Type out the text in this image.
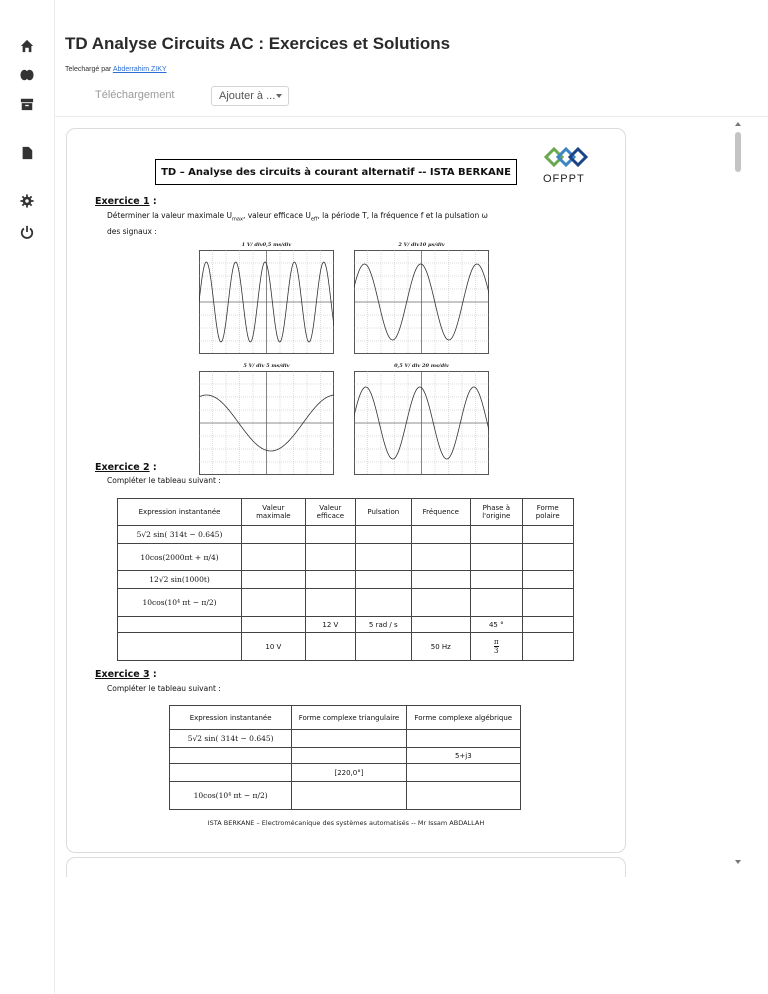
TD Analyse Circuits AC : Exercices et Solutions
Telechargé par Abderrahim ZIKY
Téléchargement	Ajouter à ...
TD – Analyse des circuits à courant alternatif -- ISTA BERKANE
OFPPT
Exercice 1 :
Déterminer la valeur maximale $U_{max}$, valeur efficace $U_{eff}$, la période T, la fréquence f et la pulsation ω
des signaux :
1 V/ div0,5 ms/div	2 V/ div10 µs/div
5 V/ div 5 ms/div	0,5 V/ div 20 ms/div
Exercice 2 :
Compléter le tableau suivant :
Expression instantanée	Valeur maximale	Valeur efficace	Pulsation	Fréquence	Phase à l'origine	Forme polaire
5√2 sin( 314t − 0.645)						
10cos(2000πt + π/4)						
12√2 sin(1000t)						
10cos(10⁴ πt − π/2)						
		12 V	5 rad / s		45 °	
	10 V			50 Hz	$\frac{\pi}{3}$

Exercice 3 :
Compléter le tableau suivant :
Expression instantanée	Forme complexe triangulaire	Forme complexe algébrique
5√2 sin( 314t − 0.645)		
		5+j3
	[220,0°]	
10cos(10⁴ πt − π/2)		
ISTA BERKANE – Electromécanique des systèmes automatisés -- Mr Issam ABDALLAH
